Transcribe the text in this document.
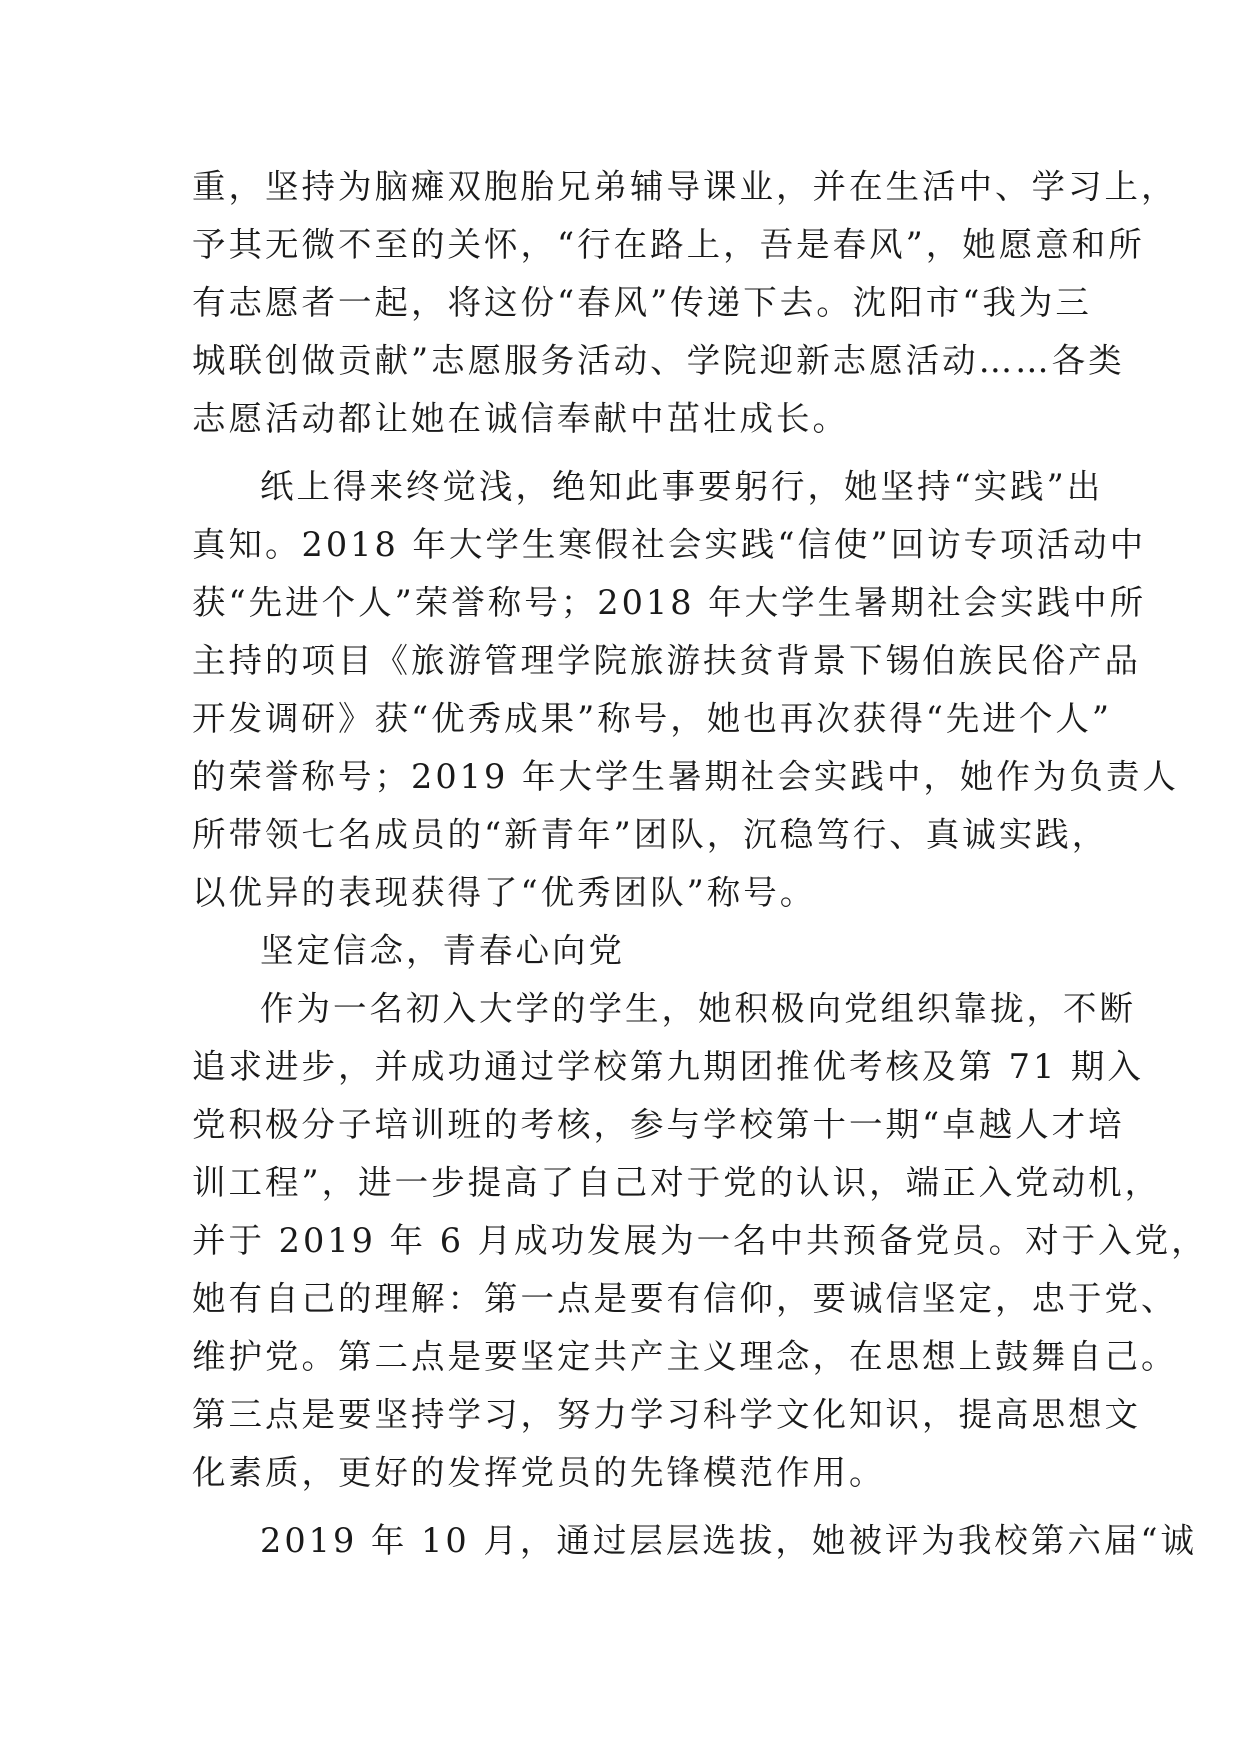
重，坚持为脑瘫双胞胎兄弟辅导课业，并在生活中、学习上，
予其无微不至的关怀，“行在路上，吾是春风”，她愿意和所
有志愿者一起，将这份“春风”传递下去。沈阳市“我为三
城联创做贡献”志愿服务活动、学院迎新志愿活动……各类
志愿活动都让她在诚信奉献中茁壮成长。
纸上得来终觉浅，绝知此事要躬行，她坚持“实践”出
真知。2018 年大学生寒假社会实践“信使”回访专项活动中
获“先进个人”荣誉称号；2018 年大学生暑期社会实践中所
主持的项目《旅游管理学院旅游扶贫背景下锡伯族民俗产品
开发调研》获“优秀成果”称号，她也再次获得“先进个人”
的荣誉称号；2019 年大学生暑期社会实践中，她作为负责人
所带领七名成员的“新青年”团队，沉稳笃行、真诚实践，
以优异的表现获得了“优秀团队”称号。
坚定信念，青春心向党
作为一名初入大学的学生，她积极向党组织靠拢，不断
追求进步，并成功通过学校第九期团推优考核及第 71 期入
党积极分子培训班的考核，参与学校第十一期“卓越人才培
训工程”，进一步提高了自己对于党的认识，端正入党动机，
并于 2019 年 6 月成功发展为一名中共预备党员。对于入党，
她有自己的理解：第一点是要有信仰，要诚信坚定，忠于党、
维护党。第二点是要坚定共产主义理念，在思想上鼓舞自己。
第三点是要坚持学习，努力学习科学文化知识，提高思想文
化素质，更好的发挥党员的先锋模范作用。
2019 年 10 月，通过层层选拔，她被评为我校第六届“诚
